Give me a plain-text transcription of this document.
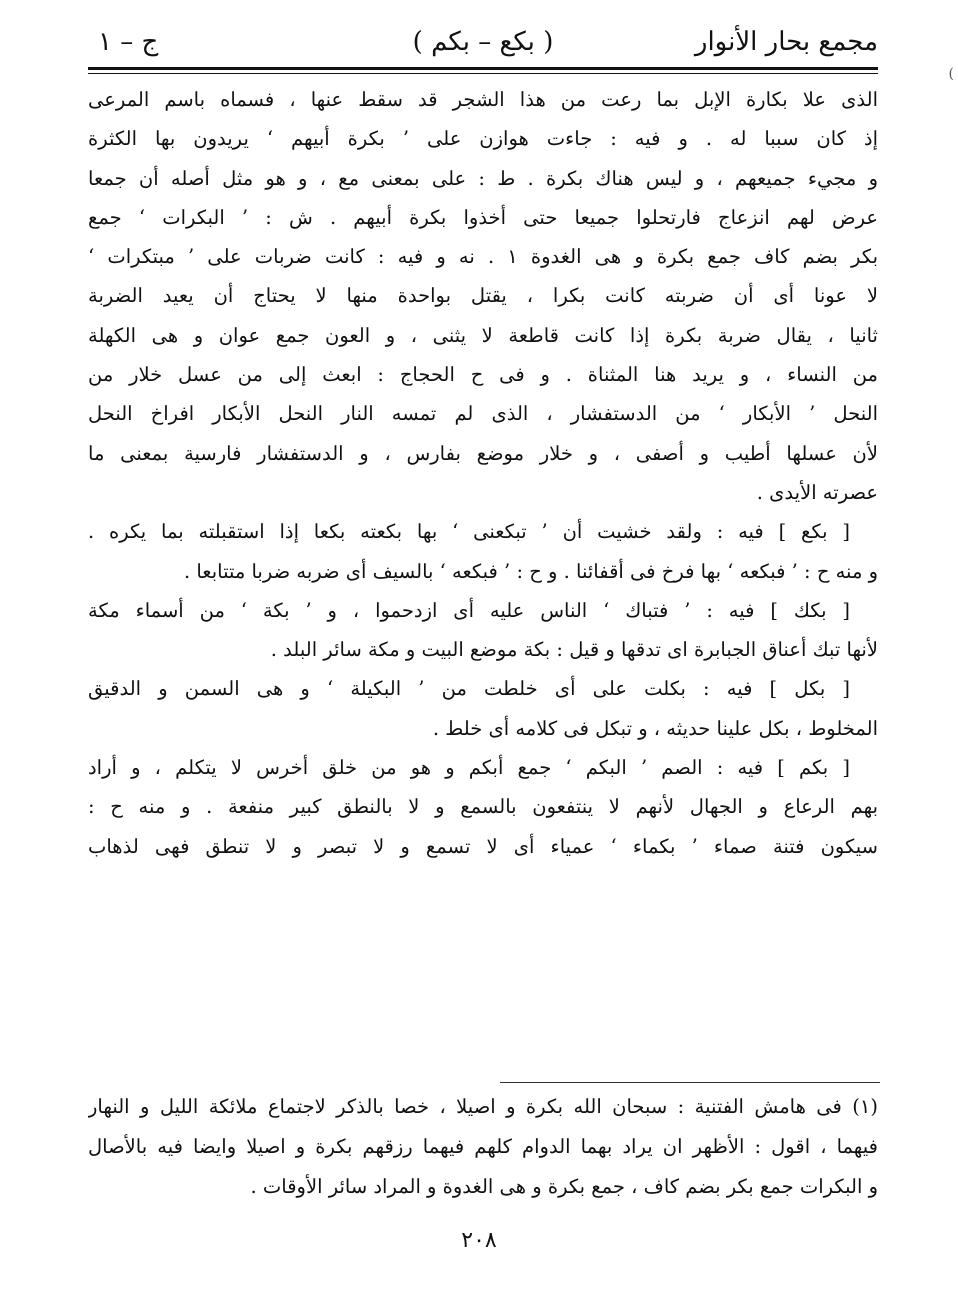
مجمع بحار الأنوار
( بكع – بكم )
ج – ١
(
الذى علا بكارة الإبل بما رعت من هذا الشجر قد سقط عنها ، فسماه باسم المرعى
إذ كان سببا له . و فيه : جاءت هوازن على ’ بكرة أبيهم ‘ يريدون بها الكثرة
و مجيء جميعهم ، و ليس هناك بكرة . ط : على بمعنى مع ، و هو مثل أصله أن جمعا
عرض لهم انزعاج فارتحلوا جميعا حتى أخذوا بكرة أبيهم . ش : ’ البكرات ‘ جمع
بكر بضم كاف جمع بكرة و هى الغدوة ١ . نه و فيه : كانت ضربات على ’ مبتكرات ‘
لا عونا أى أن ضربته كانت بكرا ، يقتل بواحدة منها لا يحتاج أن يعيد الضربة
ثانيا ، يقال ضربة بكرة إذا كانت قاطعة لا يثنى ، و العون جمع عوان و هى الكهلة
من النساء ، و يريد هنا المثناة . و فى ح الحجاج : ابعث إلى من عسل خلار من
النحل ’ الأبكار ‘ من الدستفشار ، الذى لم تمسه النار النحل الأبكار افراخ النحل
لأن عسلها أطيب و أصفى ، و خلار موضع بفارس ، و الدستفشار فارسية بمعنى ما
عصرته الأيدى .
[ بكع ] فيه : ولقد خشيت أن ’ تبكعنى ‘ بها بكعته بكعا إذا استقبلته بما يكره .
و منه ح : ’ فبكعه ‘ بها فرخ فى أقفائنا . و ح : ’ فبكعه ‘ بالسيف أى ضربه ضربا متتابعا .
[ بكك ] فيه : ’ فتباك ‘ الناس عليه أى ازدحموا ، و ’ بكة ‘ من أسماء مكة
لأنها تبك أعناق الجبابرة اى تدقها و قيل : بكة موضع البيت و مكة سائر البلد .
[ بكل ] فيه : بكلت على أى خلطت من ’ البكيلة ‘ و هى السمن و الدقيق
المخلوط ، بكل علينا حديثه ، و تبكل فى كلامه أى خلط .
[ بكم ] فيه : الصم ’ البكم ‘ جمع أبكم و هو من خلق أخرس لا يتكلم ، و أراد
بهم الرعاع و الجهال لأنهم لا ينتفعون بالسمع و لا بالنطق كبير منفعة . و منه ح :
سيكون فتنة صماء ’ بكماء ‘ عمياء أى لا تسمع و لا تبصر و لا تنطق فهى لذهاب
(١) فى هامش الفتنية : سبحان الله بكرة و اصيلا ، خصا بالذكر لاجتماع ملائكة الليل و النهار
فيهما ، اقول : الأظهر ان يراد بهما الدوام كلهم فيهما رزقهم بكرة و اصيلا وايضا فيه بالأصال
و البكرات جمع بكر بضم كاف ، جمع بكرة و هى الغدوة و المراد سائر الأوقات .
٢٠٨
